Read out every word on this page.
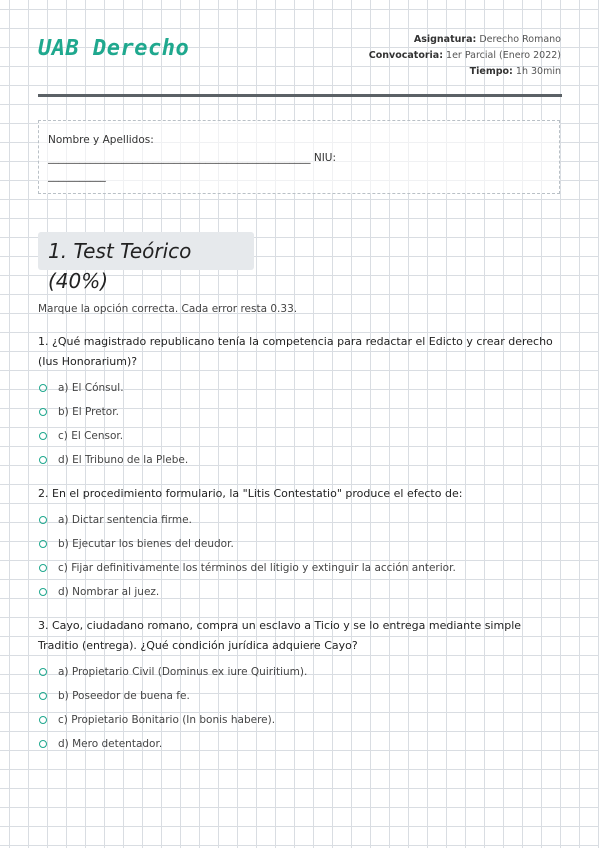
UAB Derecho	Asignatura: Derecho Romano
Convocatoria: 1er Parcial (Enero 2022)
Tiempo: 1h 30min
Nombre y Apellidos:
__________________________________________________ NIU:
___________
1. Test Teórico (40%)
Marque la opción correcta. Cada error resta 0.33.
1. ¿Qué magistrado republicano tenía la competencia para redactar el Edicto y crear derecho (Ius Honorarium)?
a) El Cónsul.
b) El Pretor.
c) El Censor.
d) El Tribuno de la Plebe.
2. En el procedimiento formulario, la "Litis Contestatio" produce el efecto de:
a) Dictar sentencia firme.
b) Ejecutar los bienes del deudor.
c) Fijar definitivamente los términos del litigio y extinguir la acción anterior.
d) Nombrar al juez.
3. Cayo, ciudadano romano, compra un esclavo a Ticio y se lo entrega mediante simple Traditio (entrega). ¿Qué condición jurídica adquiere Cayo?
a) Propietario Civil (Dominus ex iure Quiritium).
b) Poseedor de buena fe.
c) Propietario Bonitario (In bonis habere).
d) Mero detentador.
